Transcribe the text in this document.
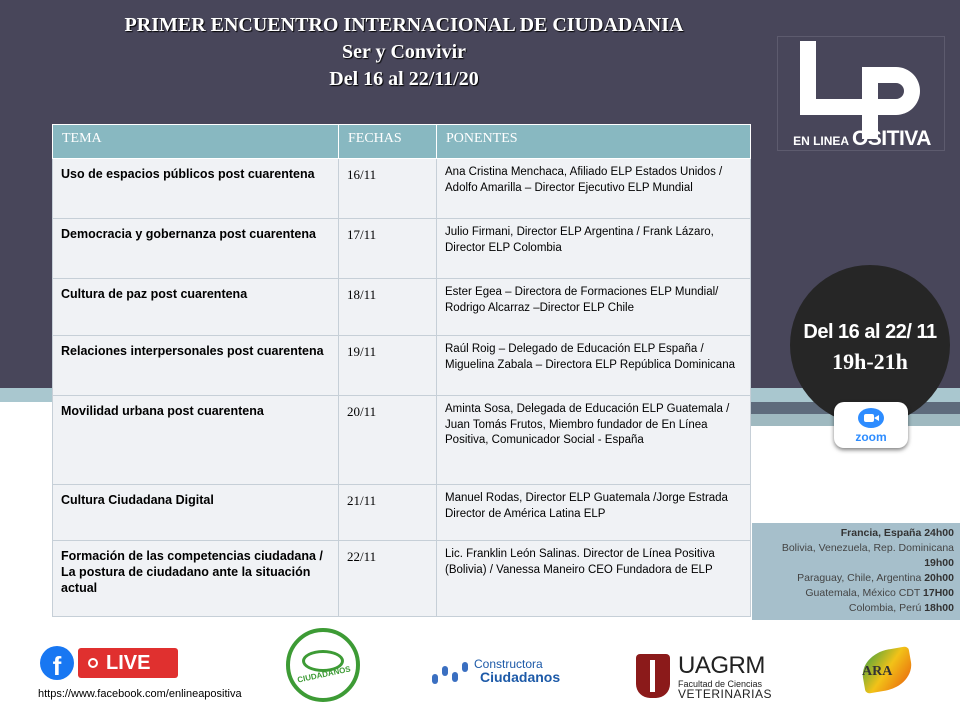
PRIMER ENCUENTRO INTERNACIONAL DE CIUDADANIA
Ser y Convivir
Del 16 al 22/11/20
EN LINEA OSITIVA
TEMA	FECHAS	PONENTES
Uso de espacios públicos post cuarentena	16/11	Ana Cristina Menchaca, Afiliado ELP Estados Unidos / Adolfo Amarilla – Director Ejecutivo ELP Mundial
Democracia y gobernanza post cuarentena	17/11	Julio Firmani, Director ELP Argentina / Frank Lázaro, Director ELP Colombia
Cultura de paz post cuarentena	18/11	Ester Egea – Directora de Formaciones ELP Mundial/ Rodrigo Alcarraz –Director ELP Chile
Relaciones interpersonales post cuarentena	19/11	Raúl Roig – Delegado de Educación ELP España / Miguelina Zabala – Directora ELP República Dominicana
Movilidad urbana post cuarentena	20/11	Aminta Sosa, Delegada de Educación ELP Guatemala / Juan Tomás Frutos, Miembro fundador de En Línea Positiva, Comunicador Social - España
Cultura Ciudadana Digital	21/11	Manuel Rodas, Director ELP Guatemala /Jorge Estrada Director de América Latina ELP
Formación de las competencias ciudadana / La postura de ciudadano ante la situación actual	22/11	Lic. Franklin León Salinas. Director de Línea Positiva (Bolivia) / Vanessa Maneiro CEO Fundadora de ELP
Del 16 al 22/ 11
19h-21h
zoom
Francia, España 24h00
Bolivia, Venezuela, Rep. Dominicana 19h00
Paraguay, Chile, Argentina 20h00
Guatemala, México CDT 17H00
Colombia, Perú 18h00
f	LIVE
https://www.facebook.com/enlineapositiva
CIUDADANOS
Constructora
Ciudadanos	UAGRM
Facultad de Ciencias
VETERINARIAS
ARA
